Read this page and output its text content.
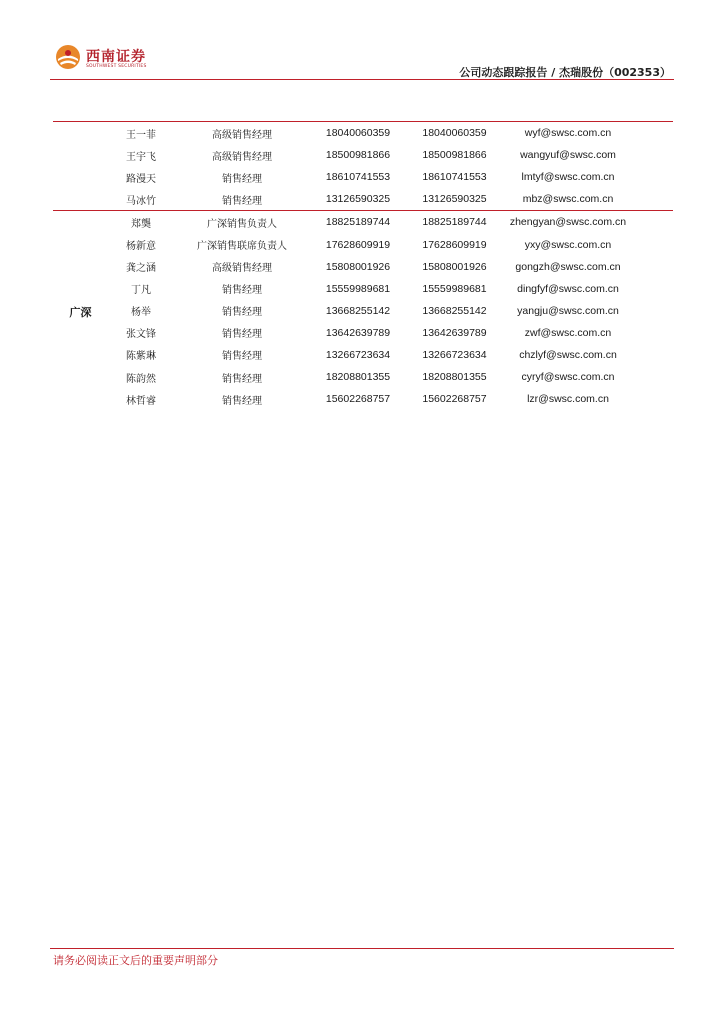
西南证券
SOUTHWEST SECURITIES	公司动态跟踪报告 / 杰瑞股份（002353）
王一菲	高级销售经理	18040060359	18040060359	wyf@swsc.com.cn
王宇飞	高级销售经理	18500981866	18500981866	wangyuf@swsc.com
路漫天	销售经理	18610741553	18610741553	lmtyf@swsc.com.cn
马冰竹	销售经理	13126590325	13126590325	mbz@swsc.com.cn
广深
郑龑	广深销售负责人	18825189744	18825189744	zhengyan@swsc.com.cn
杨新意	广深销售联席负责人	17628609919	17628609919	yxy@swsc.com.cn
龚之涵	高级销售经理	15808001926	15808001926	gongzh@swsc.com.cn
丁凡	销售经理	15559989681	15559989681	dingfyf@swsc.com.cn
杨举	销售经理	13668255142	13668255142	yangju@swsc.com.cn
张文锋	销售经理	13642639789	13642639789	zwf@swsc.com.cn
陈紫琳	销售经理	13266723634	13266723634	chzlyf@swsc.com.cn
陈韵然	销售经理	18208801355	18208801355	cyryf@swsc.com.cn
林哲睿	销售经理	15602268757	15602268757	lzr@swsc.com.cn
请务必阅读正文后的重要声明部分
